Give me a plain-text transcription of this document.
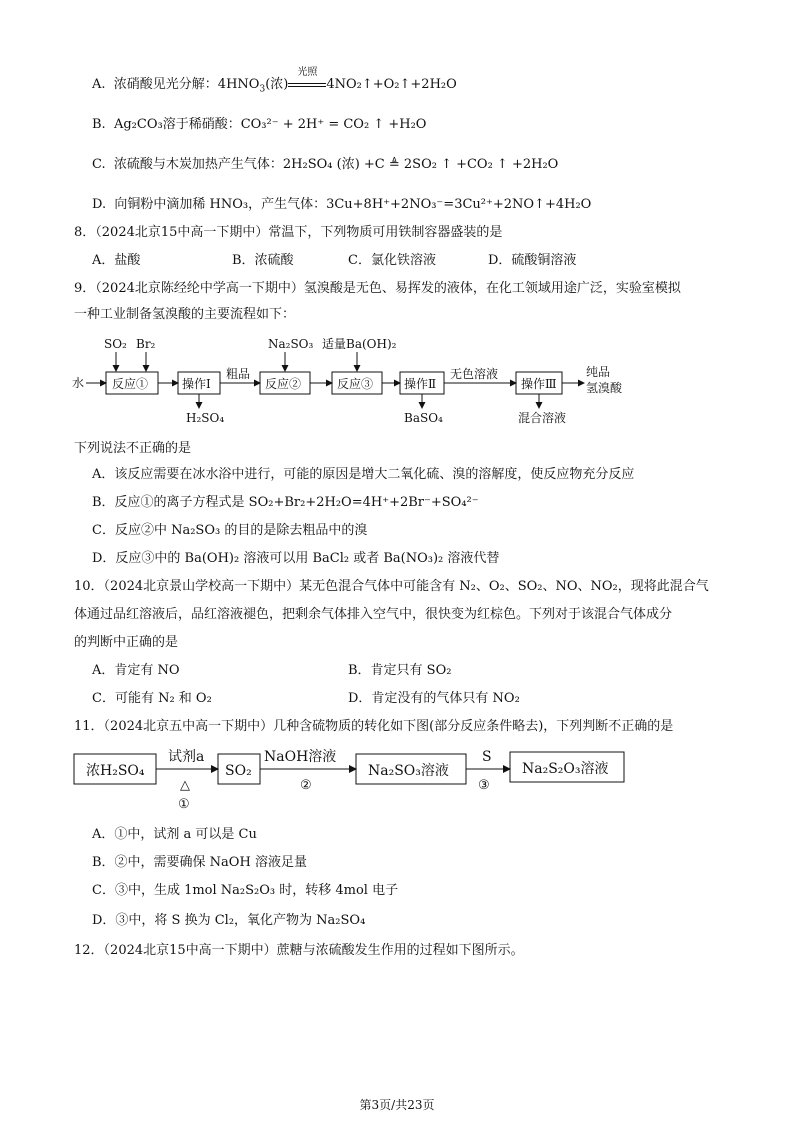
A. 浓硝酸见光分解：$4HNO_3$(浓)
光照
4NO₂↑+O₂↑+2H₂O
B. Ag₂CO₃溶于稀硝酸：CO₃²⁻ + 2H⁺ = CO₂ ↑ +H₂O
C. 浓硫酸与木炭加热产生气体：2H₂SO₄ (浓) +C ≜ 2SO₂ ↑ +CO₂ ↑ +2H₂O
D. 向铜粉中滴加稀 HNO₃，产生气体：3Cu+8H⁺+2NO₃⁻=3Cu²⁺+2NO↑+4H₂O
8．（2024北京15中高一下期中）常温下，下列物质可用铁制容器盛装的是
A．盐酸	B．浓硫酸	C．氯化铁溶液	D．硫酸铜溶液
9．（2024北京陈经纶中学高一下期中）氢溴酸是无色、易挥发的液体，在化工领域用途广泛，实验室模拟
一种工业制备氢溴酸的主要流程如下：
水 反应①
SO₂ Br₂
操作Ⅰ
H₂SO₄
粗品
反应②
Na₂SO₃
反应③
适量Ba(OH)₂
操作Ⅱ
BaSO₄
无色溶液
操作Ⅲ
混合溶液
纯品
氢溴酸
下列说法不正确的是
A．该反应需要在冰水浴中进行，可能的原因是增大二氧化硫、溴的溶解度，使反应物充分反应
B．反应①的离子方程式是 SO₂+Br₂+2H₂O=4H⁺+2Br⁻+SO₄²⁻
C．反应②中 Na₂SO₃ 的目的是除去粗品中的溴
D．反应③中的 Ba(OH)₂ 溶液可以用 BaCl₂ 或者 Ba(NO₃)₂ 溶液代替
10．（2024北京景山学校高一下期中）某无色混合气体中可能含有 N₂、O₂、SO₂、NO、NO₂，现将此混合气
体通过品红溶液后，品红溶液褪色，把剩余气体排入空气中，很快变为红棕色。下列对于该混合气体成分
的判断中正确的是
A．肯定有 NO	B．肯定只有 SO₂
C．可能有 N₂ 和 O₂	D．肯定没有的气体只有 NO₂
11．（2024北京五中高一下期中）几种含硫物质的转化如下图(部分反应条件略去)，下列判断不正确的是
浓H₂SO₄
试剂a
△
①
SO₂
NaOH溶液
②
Na₂SO₃溶液
S
③
Na₂S₂O₃溶液
A．①中，试剂 a 可以是 Cu
B．②中，需要确保 NaOH 溶液足量
C．③中，生成 1mol Na₂S₂O₃ 时，转移 4mol 电子
D．③中，将 S 换为 Cl₂，氧化产物为 Na₂SO₄
12．（2024北京15中高一下期中）蔗糖与浓硫酸发生作用的过程如下图所示。
第3页/共23页
